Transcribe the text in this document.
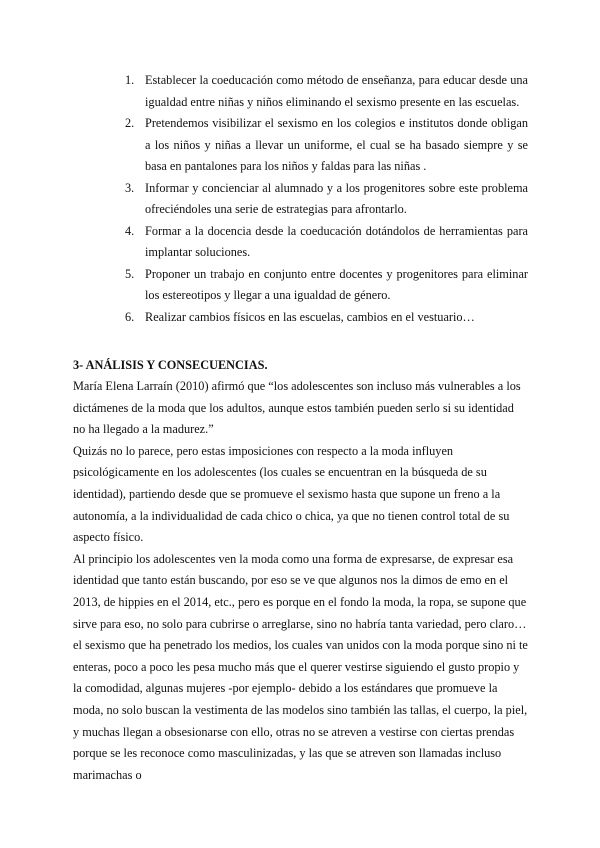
1. Establecer la coeducación como método de enseñanza, para educar desde una igualdad entre niñas y niños eliminando el sexismo presente en las escuelas.
2. Pretendemos visibilizar el sexismo en los colegios e institutos donde obligan a los niños y niñas a llevar un uniforme, el cual se ha basado siempre y se basa en pantalones para los niños y faldas para las niñas .
3. Informar y concienciar al alumnado y a los progenitores sobre este problema ofreciéndoles una serie de estrategias para afrontarlo.
4. Formar a la docencia desde la coeducación dotándolos de herramientas para implantar soluciones.
5. Proponer un trabajo en conjunto entre docentes y progenitores para eliminar los estereotipos y llegar a una igualdad de género.
6. Realizar cambios físicos en las escuelas, cambios en el vestuario…
3- ANÁLISIS Y CONSECUENCIAS.

María Elena Larraín (2010) afirmó que “los adolescentes son incluso más vulnerables a los dictámenes de la moda que los adultos, aunque estos también pueden serlo si su identidad no ha llegado a la madurez.”

Quizás no lo parece, pero estas imposiciones con respecto a la moda influyen psicológicamente en los adolescentes (los cuales se encuentran en la búsqueda de su identidad), partiendo desde que se promueve el sexismo hasta que supone un freno a la autonomía, a la individualidad de cada chico o chica, ya que no tienen control total de su aspecto físico.

Al principio los adolescentes ven la moda como una forma de expresarse, de expresar esa identidad que tanto están buscando, por eso se ve que algunos nos la dimos de emo en el 2013, de hippies en el 2014, etc., pero es porque en el fondo la moda, la ropa, se supone que sirve para eso, no solo para cubrirse o arreglarse, sino no habría tanta variedad, pero claro… el sexismo que ha penetrado los medios, los cuales van unidos con la moda porque sino ni te enteras, poco a poco les pesa mucho más que el querer vestirse siguiendo el gusto propio y la comodidad, algunas mujeres -por ejemplo- debido a los estándares que promueve la moda, no solo buscan la vestimenta de las modelos sino también las tallas, el cuerpo, la piel, y muchas llegan a obsesionarse con ello, otras no se atreven a vestirse con ciertas prendas porque se les reconoce como masculinizadas, y las que se atreven son llamadas incluso marimachas o
